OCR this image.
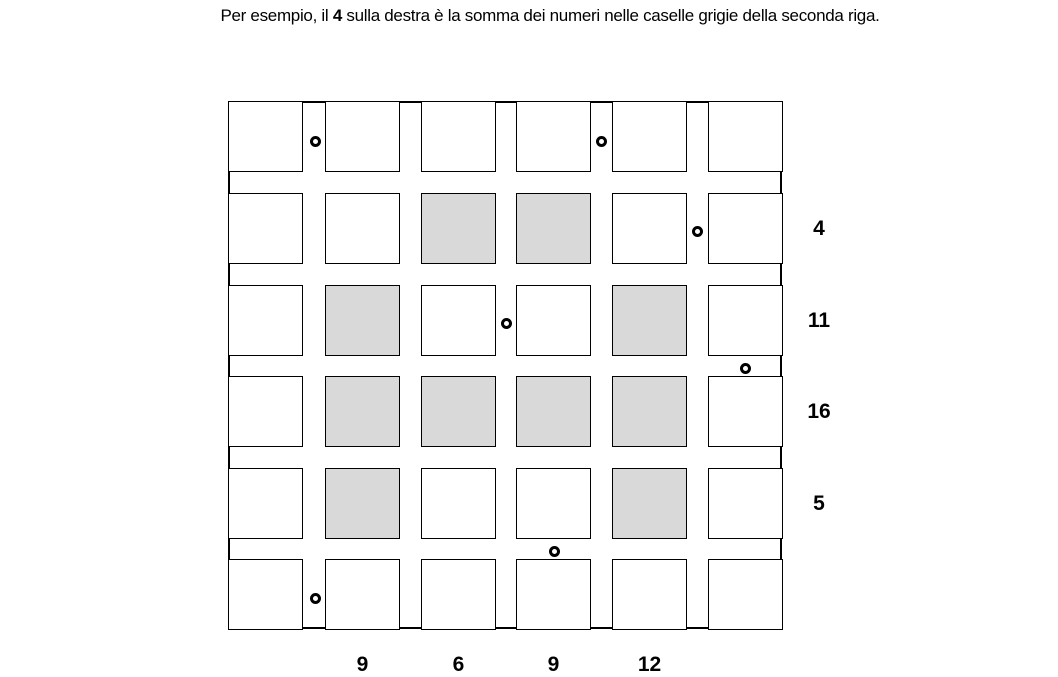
Per esempio, il 4 sulla destra è la somma dei numeri nelle caselle grigie della seconda riga.
4
11
16
5
9	6	9	12
